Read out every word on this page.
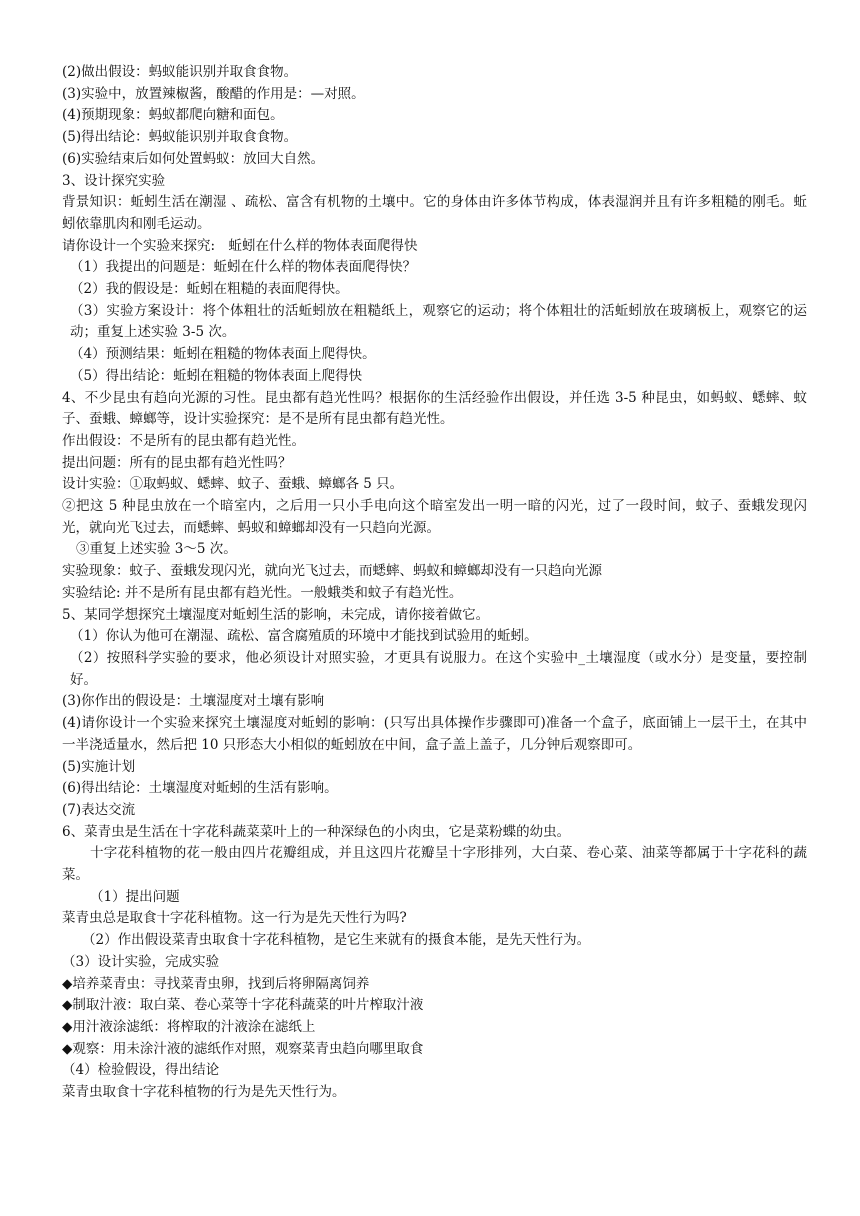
(2)做出假设：蚂蚁能识别并取食食物。

(3)实验中，放置辣椒酱，酸醋的作用是：—对照。

(4)预期现象：蚂蚁都爬向糖和面包。

(5)得出结论：蚂蚁能识别并取食食物。

(6)实验结束后如何处置蚂蚁：放回大自然。

3、设计探究实验

背景知识：蚯蚓生活在潮湿 、疏松、富含有机物的土壤中。它的身体由许多体节构成，体表湿润并且有许多粗糙的刚毛。蚯蚓依靠肌肉和刚毛运动。

请你设计一个实验来探究:　蚯蚓在什么样的物体表面爬得快

（1）我提出的问题是：蚯蚓在什么样的物体表面爬得快？

（2）我的假设是：蚯蚓在粗糙的表面爬得快。

（3）实验方案设计：将个体粗壮的活蚯蚓放在粗糙纸上，观察它的运动；将个体粗壮的活蚯蚓放在玻璃板上，观察它的运动；重复上述实验 3-5 次。

（4）预测结果：蚯蚓在粗糙的物体表面上爬得快。

（5）得出结论：蚯蚓在粗糙的物体表面上爬得快

4、不少昆虫有趋向光源的习性。昆虫都有趋光性吗？根据你的生活经验作出假设，并任选 3-5 种昆虫，如蚂蚁、蟋蟀、蚊子、蚕蛾、蟑螂等，设计实验探究：是不是所有昆虫都有趋光性。

作出假设：不是所有的昆虫都有趋光性。

提出问题：所有的昆虫都有趋光性吗？

设计实验：①取蚂蚁、蟋蟀、蚊子、蚕蛾、蟑螂各 5 只。

②把这 5 种昆虫放在一个暗室内，之后用一只小手电向这个暗室发出一明一暗的闪光，过了一段时间，蚊子、蚕蛾发现闪光，就向光飞过去，而蟋蟀、蚂蚁和蟑螂却没有一只趋向光源。

③重复上述实验 3～5 次。

实验现象：蚊子、蚕蛾发现闪光，就向光飞过去，而蟋蟀、蚂蚁和蟑螂却没有一只趋向光源

实验结论: 并不是所有昆虫都有趋光性。一般蛾类和蚊子有趋光性。

5、某同学想探究土壤湿度对蚯蚓生活的影响，未完成，请你接着做它。

（1）你认为他可在潮湿、疏松、富含腐殖质的环境中才能找到试验用的蚯蚓。

（2）按照科学实验的要求，他必须设计对照实验，才更具有说服力。在这个实验中_土壤湿度（或水分）是变量，要控制好。

(3)你作出的假设是：土壤湿度对土壤有影响

(4)请你设计一个实验来探究土壤湿度对蚯蚓的影响：(只写出具体操作步骤即可)准备一个盒子，底面铺上一层干土，在其中一半浇适量水，然后把 10 只形态大小相似的蚯蚓放在中间，盒子盖上盖子，几分钟后观察即可。

(5)实施计划

(6)得出结论：土壤湿度对蚯蚓的生活有影响。

(7)表达交流

6、菜青虫是生活在十字花科蔬菜菜叶上的一种深绿色的小肉虫，它是菜粉蝶的幼虫。

十字花科植物的花一般由四片花瓣组成，并且这四片花瓣呈十字形排列，大白菜、卷心菜、油菜等都属于十字花科的蔬菜。

（1）提出问题

菜青虫总是取食十字花科植物。这一行为是先天性行为吗?

（2）作出假设菜青虫取食十字花科植物，是它生来就有的摄食本能，是先天性行为。

（3）设计实验，完成实验

◆培养菜青虫：寻找菜青虫卵，找到后将卵隔离饲养

◆制取汁液：取白菜、卷心菜等十字花科蔬菜的叶片榨取汁液

◆用汁液涂滤纸：将榨取的汁液涂在滤纸上

◆观察：用未涂汁液的滤纸作对照，观察菜青虫趋向哪里取食

（4）检验假设，得出结论

菜青虫取食十字花科植物的行为是先天性行为。
